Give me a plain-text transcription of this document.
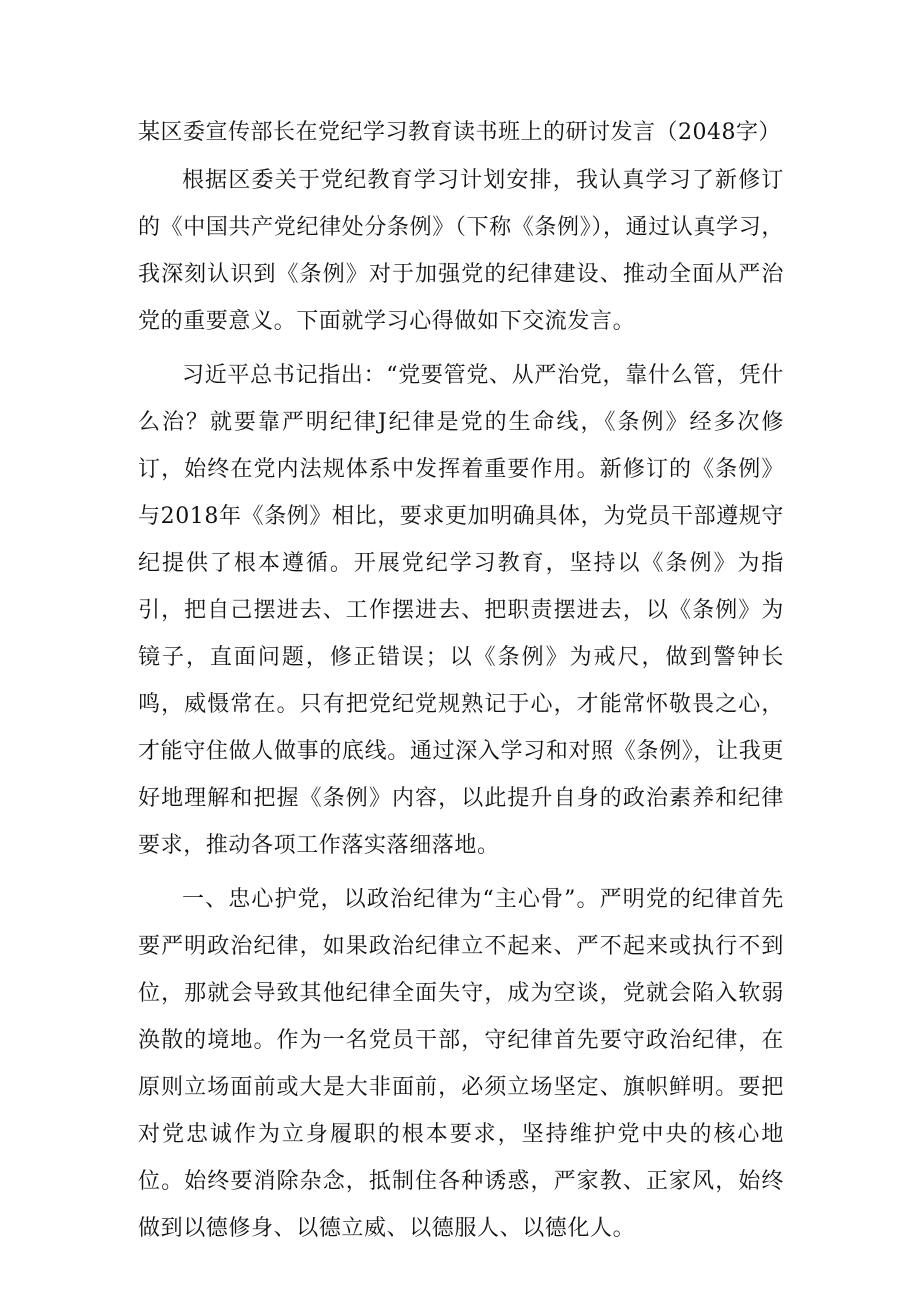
某区委宣传部长在党纪学习教育读书班上的研讨发言（2048字）

根据区委关于党纪教育学习计划安排，我认真学习了新修订的《中国共产党纪律处分条例》（下称《条例》），通过认真学习，我深刻认识到《条例》对于加强党的纪律建设、推动全面从严治党的重要意义。下面就学习心得做如下交流发言。

习近平总书记指出：“党要管党、从严治党，靠什么管，凭什么治？就要靠严明纪律J纪律是党的生命线，《条例》经多次修订，始终在党内法规体系中发挥着重要作用。新修订的《条例》与2018年《条例》相比，要求更加明确具体，为党员干部遵规守纪提供了根本遵循。开展党纪学习教育，坚持以《条例》为指引，把自己摆进去、工作摆进去、把职责摆进去，以《条例》为镜子，直面问题，修正错误；以《条例》为戒尺，做到警钟长鸣，威慑常在。只有把党纪党规熟记于心，才能常怀敬畏之心，才能守住做人做事的底线。通过深入学习和对照《条例》，让我更好地理解和把握《条例》内容，以此提升自身的政治素养和纪律要求，推动各项工作落实落细落地。

一、忠心护党，以政治纪律为“主心骨”。严明党的纪律首先要严明政治纪律，如果政治纪律立不起来、严不起来或执行不到位，那就会导致其他纪律全面失守，成为空谈，党就会陷入软弱涣散的境地。作为一名党员干部，守纪律首先要守政治纪律，在原则立场面前或大是大非面前，必须立场坚定、旗帜鲜明。要把对党忠诚作为立身履职的根本要求，坚持维护党中央的核心地位。始终要消除杂念，抵制住各种诱惑，严家教、正家风，始终做到以德修身、以德立威、以德服人、以德化人。
